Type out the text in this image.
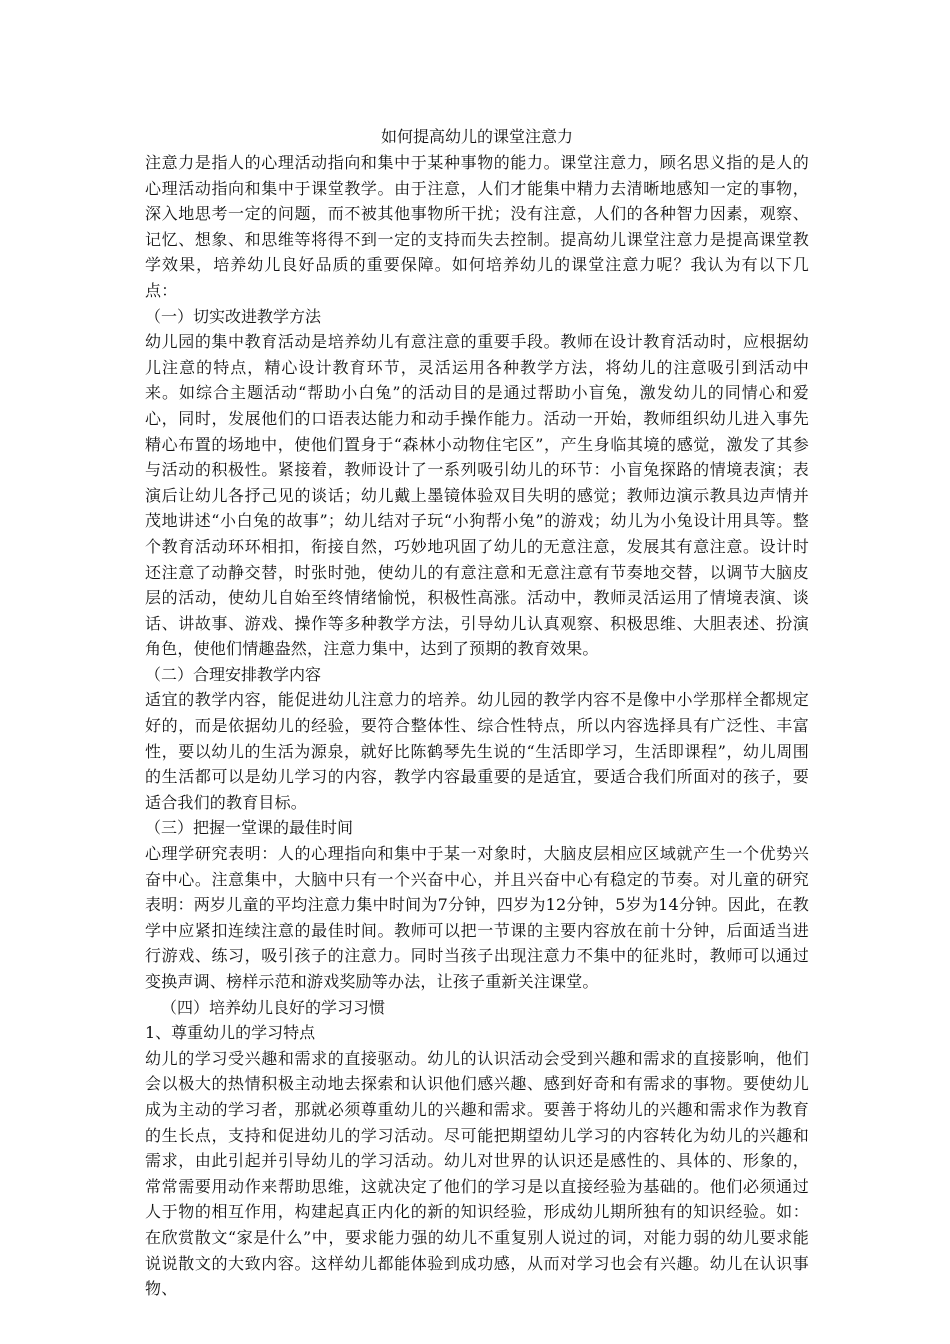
如何提高幼儿的课堂注意力

注意力是指人的心理活动指向和集中于某种事物的能力。课堂注意力，顾名思义指的是人的心理活动指向和集中于课堂教学。由于注意，人们才能集中精力去清晰地感知一定的事物，深入地思考一定的问题，而不被其他事物所干扰；没有注意，人们的各种智力因素，观察、记忆、想象、和思维等将得不到一定的支持而失去控制。提高幼儿课堂注意力是提高课堂教学效果，培养幼儿良好品质的重要保障。如何培养幼儿的课堂注意力呢？我认为有以下几点：

（一）切实改进教学方法

幼儿园的集中教育活动是培养幼儿有意注意的重要手段。教师在设计教育活动时，应根据幼儿注意的特点，精心设计教育环节，灵活运用各种教学方法，将幼儿的注意吸引到活动中来。如综合主题活动“帮助小白兔”的活动目的是通过帮助小盲兔，激发幼儿的同情心和爱心，同时，发展他们的口语表达能力和动手操作能力。活动一开始，教师组织幼儿进入事先精心布置的场地中，使他们置身于“森林小动物住宅区”，产生身临其境的感觉，激发了其参与活动的积极性。紧接着，教师设计了一系列吸引幼儿的环节：小盲兔探路的情境表演；表演后让幼儿各抒己见的谈话；幼儿戴上墨镜体验双目失明的感觉；教师边演示教具边声情并茂地讲述“小白兔的故事”；幼儿结对子玩“小狗帮小兔”的游戏；幼儿为小兔设计用具等。整个教育活动环环相扣，衔接自然，巧妙地巩固了幼儿的无意注意，发展其有意注意。设计时还注意了动静交替，时张时弛，使幼儿的有意注意和无意注意有节奏地交替，以调节大脑皮层的活动，使幼儿自始至终情绪愉悦，积极性高涨。活动中，教师灵活运用了情境表演、谈话、讲故事、游戏、操作等多种教学方法，引导幼儿认真观察、积极思维、大胆表述、扮演角色，使他们情趣盎然，注意力集中，达到了预期的教育效果。

（二）合理安排教学内容

适宜的教学内容，能促进幼儿注意力的培养。幼儿园的教学内容不是像中小学那样全都规定好的，而是依据幼儿的经验，要符合整体性、综合性特点，所以内容选择具有广泛性、丰富性，要以幼儿的生活为源泉，就好比陈鹤琴先生说的“生活即学习，生活即课程”，幼儿周围的生活都可以是幼儿学习的内容，教学内容最重要的是适宜，要适合我们所面对的孩子，要适合我们的教育目标。

（三）把握一堂课的最佳时间

心理学研究表明：人的心理指向和集中于某一对象时，大脑皮层相应区域就产生一个优势兴奋中心。注意集中，大脑中只有一个兴奋中心，并且兴奋中心有稳定的节奏。对儿童的研究表明：两岁儿童的平均注意力集中时间为7分钟，四岁为12分钟，5岁为14分钟。因此，在教学中应紧扣连续注意的最佳时间。教师可以把一节课的主要内容放在前十分钟，后面适当进行游戏、练习，吸引孩子的注意力。同时当孩子出现注意力不集中的征兆时，教师可以通过变换声调、榜样示范和游戏奖励等办法，让孩子重新关注课堂。

（四）培养幼儿良好的学习习惯

1、尊重幼儿的学习特点

幼儿的学习受兴趣和需求的直接驱动。幼儿的认识活动会受到兴趣和需求的直接影响，他们会以极大的热情积极主动地去探索和认识他们感兴趣、感到好奇和有需求的事物。要使幼儿成为主动的学习者，那就必须尊重幼儿的兴趣和需求。要善于将幼儿的兴趣和需求作为教育的生长点，支持和促进幼儿的学习活动。尽可能把期望幼儿学习的内容转化为幼儿的兴趣和需求，由此引起并引导幼儿的学习活动。幼儿对世界的认识还是感性的、具体的、形象的，常常需要用动作来帮助思维，这就决定了他们的学习是以直接经验为基础的。他们必须通过人于物的相互作用，构建起真正内化的新的知识经验，形成幼儿期所独有的知识经验。如：在欣赏散文“家是什么”中，要求能力强的幼儿不重复别人说过的词，对能力弱的幼儿要求能说说散文的大致内容。这样幼儿都能体验到成功感，从而对学习也会有兴趣。幼儿在认识事物、
